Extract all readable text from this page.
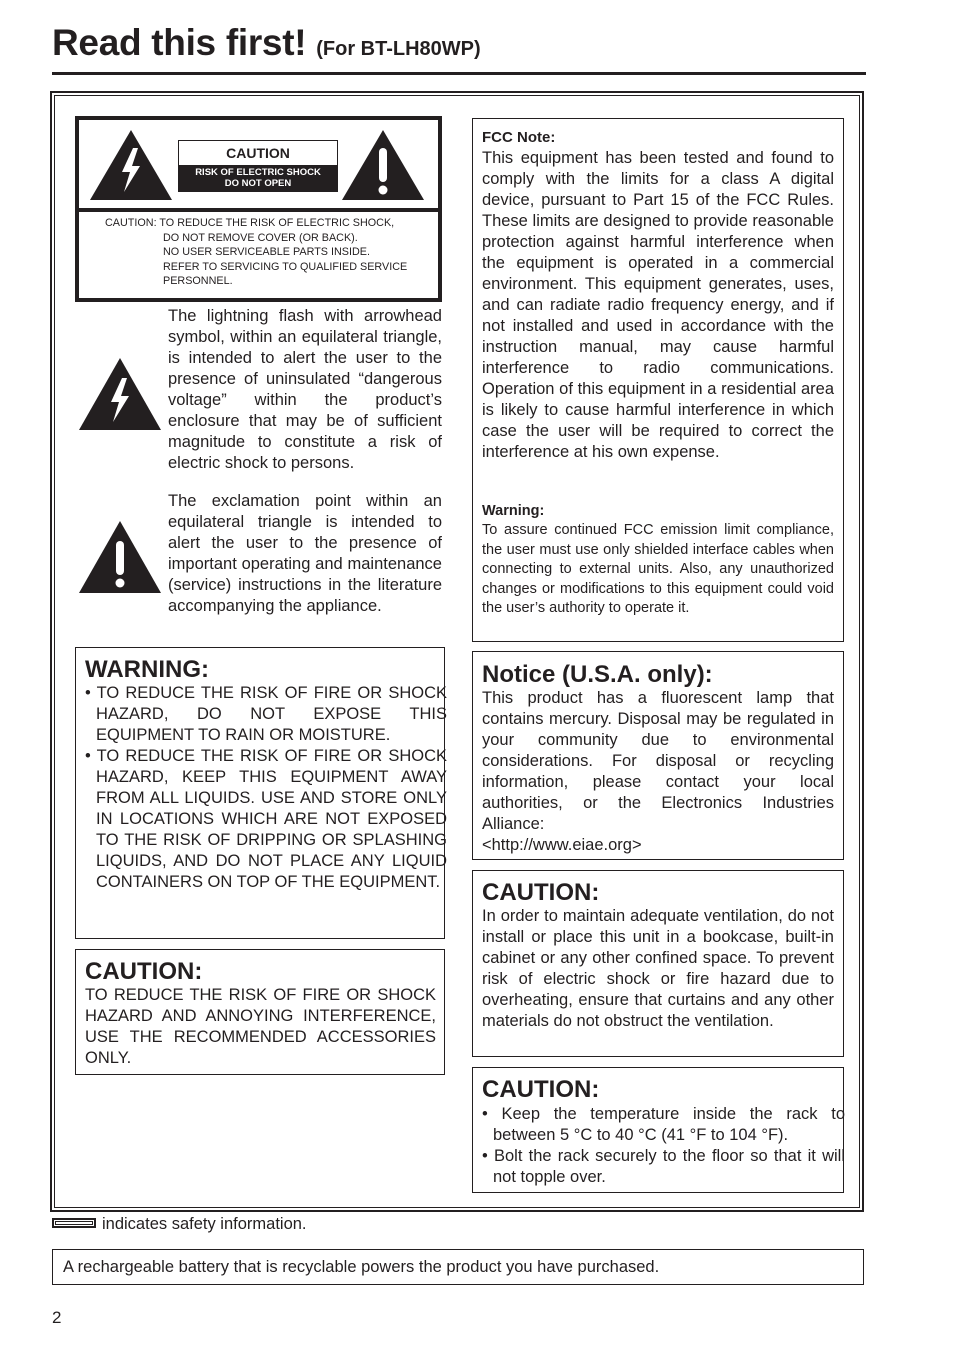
Read this first! (For BT-LH80WP)
CAUTION
RISK OF ELECTRIC SHOCK
DO NOT OPEN
CAUTION: TO REDUCE THE RISK OF ELECTRIC SHOCK,
DO NOT REMOVE COVER (OR BACK).
NO USER SERVICEABLE PARTS INSIDE.
REFER TO SERVICING TO QUALIFIED SERVICE
PERSONNEL.
The lightning flash with arrowhead symbol, within an equilateral triangle, is intended to alert the user to the presence of uninsulated “dangerous voltage” within the product’s enclosure that may be of sufficient magnitude to constitute a risk of electric shock to persons.
The exclamation point within an equilateral triangle is intended to alert the user to the presence of important operating and maintenance (service) instructions in the literature accompanying the appliance.
WARNING:
• TO REDUCE THE RISK OF FIRE OR SHOCK HAZARD, DO NOT EXPOSE THIS EQUIPMENT TO RAIN OR MOISTURE.
• TO REDUCE THE RISK OF FIRE OR SHOCK HAZARD, KEEP THIS EQUIPMENT AWAY FROM ALL LIQUIDS. USE AND STORE ONLY IN LOCATIONS WHICH ARE NOT EXPOSED TO THE RISK OF DRIPPING OR SPLASHING LIQUIDS, AND DO NOT PLACE ANY LIQUID CONTAINERS ON TOP OF THE EQUIPMENT.
CAUTION:
TO REDUCE THE RISK OF FIRE OR SHOCK HAZARD AND ANNOYING INTERFERENCE, USE THE RECOMMENDED ACCESSORIES ONLY.
FCC Note:
This equipment has been tested and found to comply with the limits for a class A digital device, pursuant to Part 15 of the FCC Rules. These limits are designed to provide reasonable protection against harmful interference when the equipment is operated in a commercial environment. This equipment generates, uses, and can radiate radio frequency energy, and if not installed and used in accordance with the instruction manual, may cause harmful interference to radio communications. Operation of this equipment in a residential area is likely to cause harmful interference in which case the user will be required to correct the interference at his own expense.
Warning:
To assure continued FCC emission limit compliance, the user must use only shielded interface cables when connecting to external units. Also, any unauthorized changes or modifications to this equipment could void the user’s authority to operate it.
Notice (U.S.A. only):
This product has a fluorescent lamp that contains mercury. Disposal may be regulated in your community due to environmental considerations. For disposal or recycling information, please contact your local authorities, or the Electronics Industries Alliance:
<http://www.eiae.org>
CAUTION:
In order to maintain adequate ventilation, do not install or place this unit in a bookcase, built-in cabinet or any other confined space. To prevent risk of electric shock or fire hazard due to overheating, ensure that curtains and any other materials do not obstruct the ventilation.
CAUTION:
• Keep the temperature inside the rack to between 5 °C to 40 °C (41 °F to 104 °F).
• Bolt the rack securely to the floor so that it will not topple over.
indicates safety information.
A rechargeable battery that is recyclable powers the product you have purchased.
2
